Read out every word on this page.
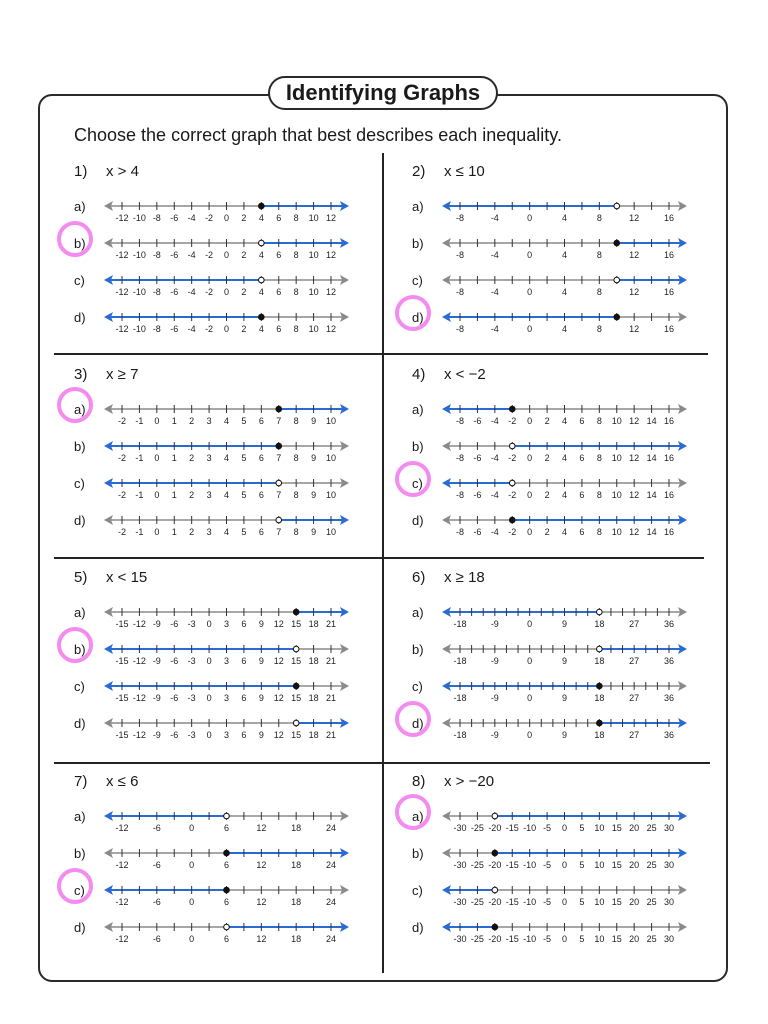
Identifying Graphs
Choose the correct graph that best describes each inequality.
1) x > 4
a)
-12 -10 -8 -6 -4 -2 0 2 4 6 8 10 12
b)
-12 -10 -8 -6 -4 -2 0 2 4 6 8 10 12
c)
-12 -10 -8 -6 -4 -2 0 2 4 6 8 10 12
d)
-12 -10 -8 -6 -4 -2 0 2 4 6 8 10 12
2) x ≤ 10
a)
-8	-4	0	4	8	12	16
b)
-8	-4	0	4	8	12	16
c)
-8	-4	0	4	8	12	16
d)
-8	-4	0	4	8	12	16
3) x ≥ 7
a)
-2 -1 0 1 2 3 4 5 6 7 8 9 10
b)
-2 -1 0 1 2 3 4 5 6 7 8 9 10
c)
-2 -1 0 1 2 3 4 5 6 7 8 9 10
d)
-2 -1 0 1 2 3 4 5 6 7 8 9 10
4) x < −2
a)
-8 -6 -4 -2 0 2 4 6 8 10 12 14 16
b)
-8 -6 -4 -2 0 2 4 6 8 10 12 14 16
c)
-8 -6 -4 -2 0 2 4 6 8 10 12 14 16
d)
-8 -6 -4 -2 0 2 4 6 8 10 12 14 16
5) x < 15
a)
-15 -12 -9 -6 -3 0 3 6 9 12 15 18 21
b)
-15 -12 -9 -6 -3 0 3 6 9 12 15 18 21
c)
-15 -12 -9 -6 -3 0 3 6 9 12 15 18 21
d)
-15 -12 -9 -6 -3 0 3 6 9 12 15 18 21
6) x ≥ 18
a)
-18	-9	0	9	18	27	36
b)
-18	-9	0	9	18	27	36
c)
-18	-9	0	9	18	27	36
d)
-18	-9	0	9	18	27	36
7) x ≤ 6
a)
-12	-6	0	6	12	18	24
b)
-12	-6	0	6	12	18	24
c)
-12	-6	0	6	12	18	24
d)
-12	-6	0	6	12	18	24
8) x > −20
a)
-30 -25 -20 -15 -10 -5 0 5 10 15 20 25 30
b)
-30 -25 -20 -15 -10 -5 0 5 10 15 20 25 30
c)
-30 -25 -20 -15 -10 -5 0 5 10 15 20 25 30
d)
-30 -25 -20 -15 -10 -5 0 5 10 15 20 25 30
